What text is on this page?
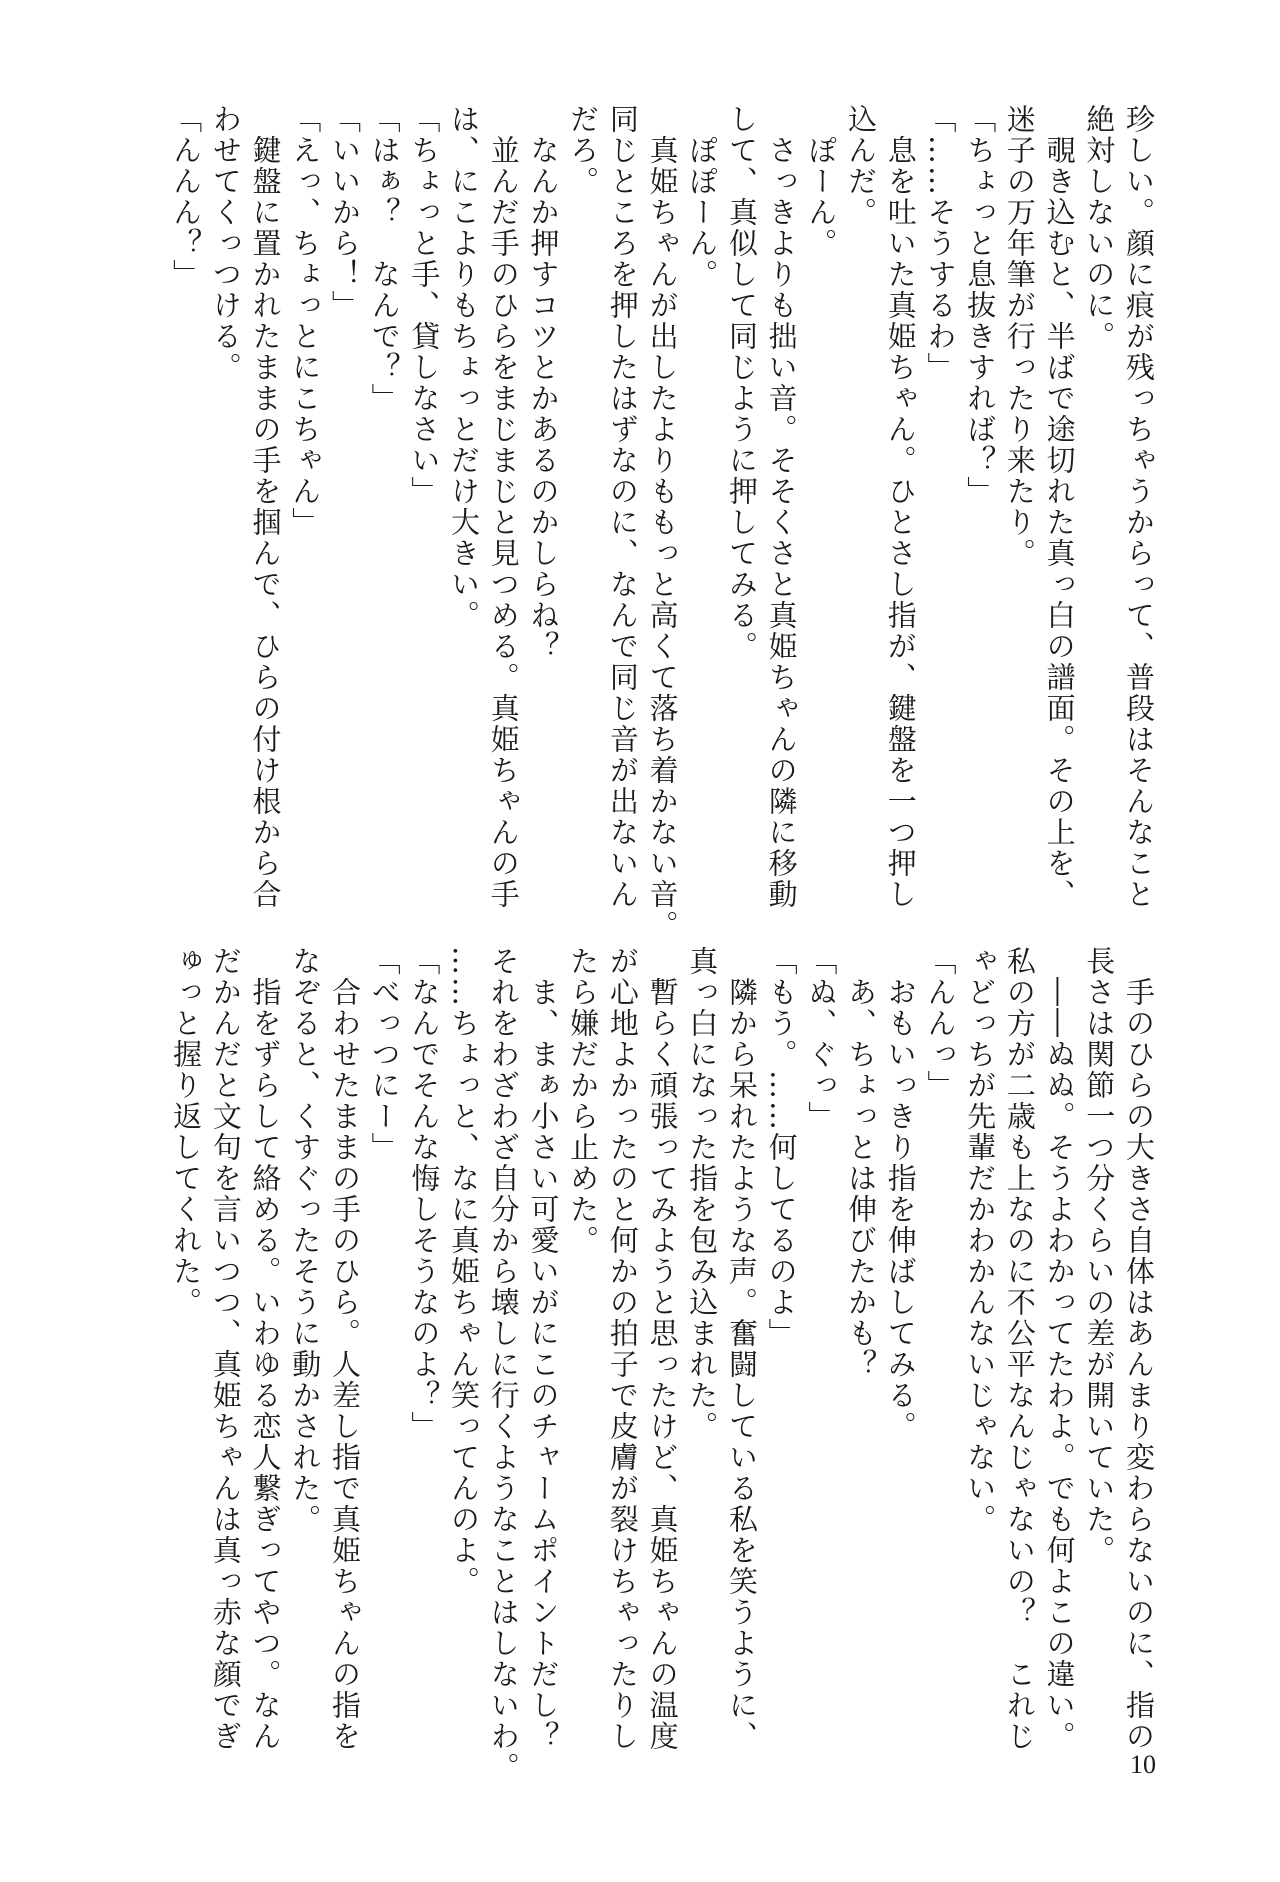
珍しい。顔に痕が残っちゃうからって、普段はそんなこと
絶対しないのに。
　覗き込むと、半ばで途切れた真っ白の譜面。その上を、
迷子の万年筆が行ったり来たり。
「ちょっと息抜きすれば？」
「……そうするわ」
　息を吐いた真姫ちゃん。ひとさし指が、鍵盤を一つ押し
込んだ。
　ぽーん。
　さっきよりも拙い音。そそくさと真姫ちゃんの隣に移動
して、真似して同じように押してみる。
　ぽぽーん。
　真姫ちゃんが出したよりももっと高くて落ち着かない音。
同じところを押したはずなのに、なんで同じ音が出ないん
だろ。
　なんか押すコツとかあるのかしらね？
　並んだ手のひらをまじまじと見つめる。真姫ちゃんの手
は、にこよりもちょっとだけ大きい。
「ちょっと手、貸しなさい」
「はぁ？　なんで？」
「いいから！」
「えっ、ちょっとにこちゃん」
　鍵盤に置かれたままの手を掴んで、ひらの付け根から合
わせてくっつける。
「んんん？」
　手のひらの大きさ自体はあんまり変わらないのに、指の
長さは関節一つ分くらいの差が開いていた。
　――ぬぬ。そうよわかってたわよ。でも何よこの違い。
私の方が二歳も上なのに不公平なんじゃないの？　これじ
ゃどっちが先輩だかわかんないじゃない。
「んんっ」
　おもいっきり指を伸ばしてみる。
　あ、ちょっとは伸びたかも？
「ぬ、ぐっ」
「もう。……何してるのよ」
　隣から呆れたような声。奮闘している私を笑うように、
真っ白になった指を包み込まれた。
　暫らく頑張ってみようと思ったけど、真姫ちゃんの温度
が心地よかったのと何かの拍子で皮膚が裂けちゃったりし
たら嫌だから止めた。
　ま、まぁ小さい可愛いがにこのチャームポイントだし？
それをわざわざ自分から壊しに行くようなことはしないわ。
……ちょっと、なに真姫ちゃん笑ってんのよ。
「なんでそんな悔しそうなのよ？」
「べっつにー」
　合わせたままの手のひら。人差し指で真姫ちゃんの指を
なぞると、くすぐったそうに動かされた。
　指をずらして絡める。いわゆる恋人繋ぎってやつ。なん
だかんだと文句を言いつつ、真姫ちゃんは真っ赤な顔でぎ
ゅっと握り返してくれた。
10
